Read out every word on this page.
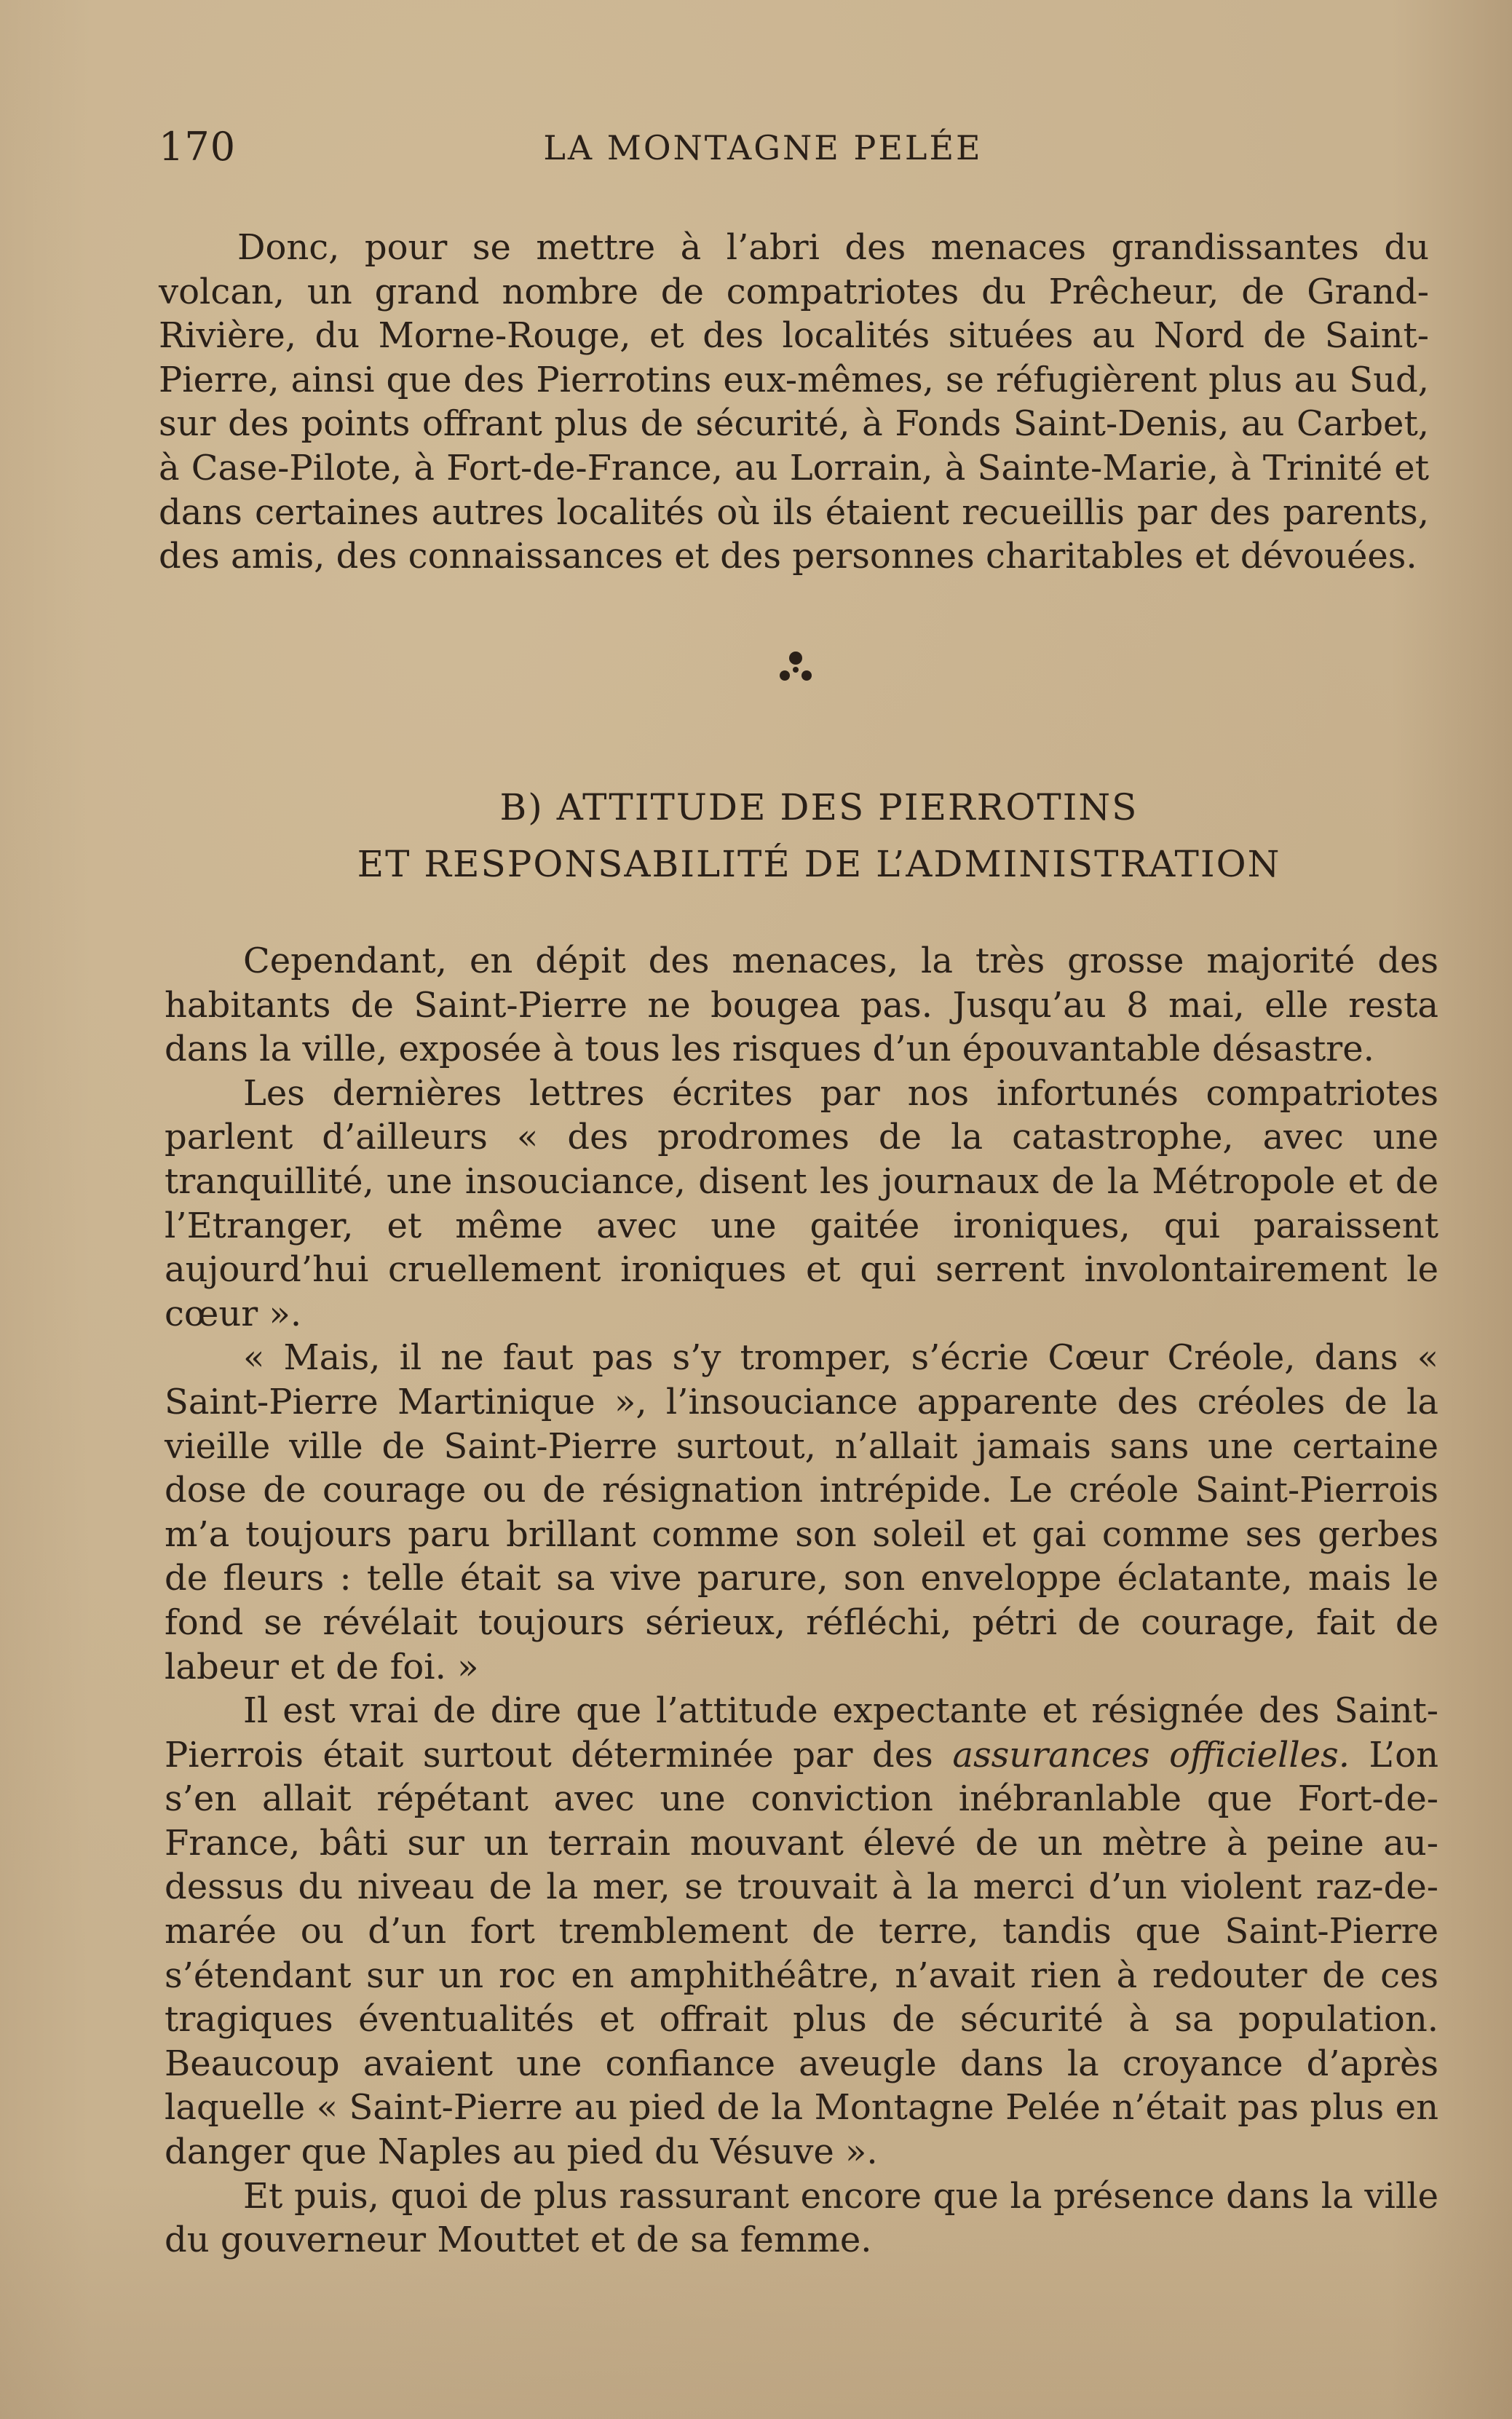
170	LA MONTAGNE PELÉE

Donc, pour se mettre à l’abri des menaces grandissantes du volcan, un grand nombre de compatriotes du Prêcheur, de Grand-Rivière, du Morne-Rouge, et des localités situées au Nord de Saint-Pierre, ainsi que des Pierrotins eux-mêmes, se réfugièrent plus au Sud, sur des points offrant plus de sécurité, à Fonds Saint-Denis, au Carbet, à Case-Pilote, à Fort-de-France, au Lorrain, à Sainte-Marie, à Trinité et dans certaines autres localités où ils étaient recueillis par des parents, des amis, des connaissances et des personnes charitables et dévouées.

B) ATTITUDE DES PIERROTINS
ET RESPONSABILITÉ DE L’ADMINISTRATION

Cependant, en dépit des menaces, la très grosse majorité des habitants de Saint-Pierre ne bougea pas. Jusqu’au 8 mai, elle resta dans la ville, exposée à tous les risques d’un épouvantable désastre.

Les dernières lettres écrites par nos infortunés compatriotes parlent d’ailleurs « des prodromes de la catastrophe, avec une tranquillité, une insouciance, disent les journaux de la Métropole et de l’Etranger, et même avec une gaitée ironiques, qui paraissent aujourd’hui cruellement ironiques et qui serrent involontairement le cœur ».

« Mais, il ne faut pas s’y tromper, s’écrie Cœur Créole, dans « Saint-Pierre Martinique », l’insouciance apparente des créoles de la vieille ville de Saint-Pierre surtout, n’allait jamais sans une certaine dose de courage ou de résignation intrépide. Le créole Saint-Pierrois m’a toujours paru brillant comme son soleil et gai comme ses gerbes de fleurs : telle était sa vive parure, son enveloppe éclatante, mais le fond se révélait toujours sérieux, réfléchi, pétri de courage, fait de labeur et de foi. »

Il est vrai de dire que l’attitude expectante et résignée des Saint-Pierrois était surtout déterminée par des assurances officielles. L’on s’en allait répétant avec une conviction inébranlable que Fort-de-France, bâti sur un terrain mouvant élevé de un mètre à peine au-dessus du niveau de la mer, se trouvait à la merci d’un violent raz-de-marée ou d’un fort tremblement de terre, tandis que Saint-Pierre s’étendant sur un roc en amphithéâtre, n’avait rien à redouter de ces tragiques éventualités et offrait plus de sécurité à sa population. Beaucoup avaient une confiance aveugle dans la croyance d’après laquelle « Saint-Pierre au pied de la Montagne Pelée n’était pas plus en danger que Naples au pied du Vésuve ».

Et puis, quoi de plus rassurant encore que la présence dans la ville du gouverneur Mouttet et de sa femme.
